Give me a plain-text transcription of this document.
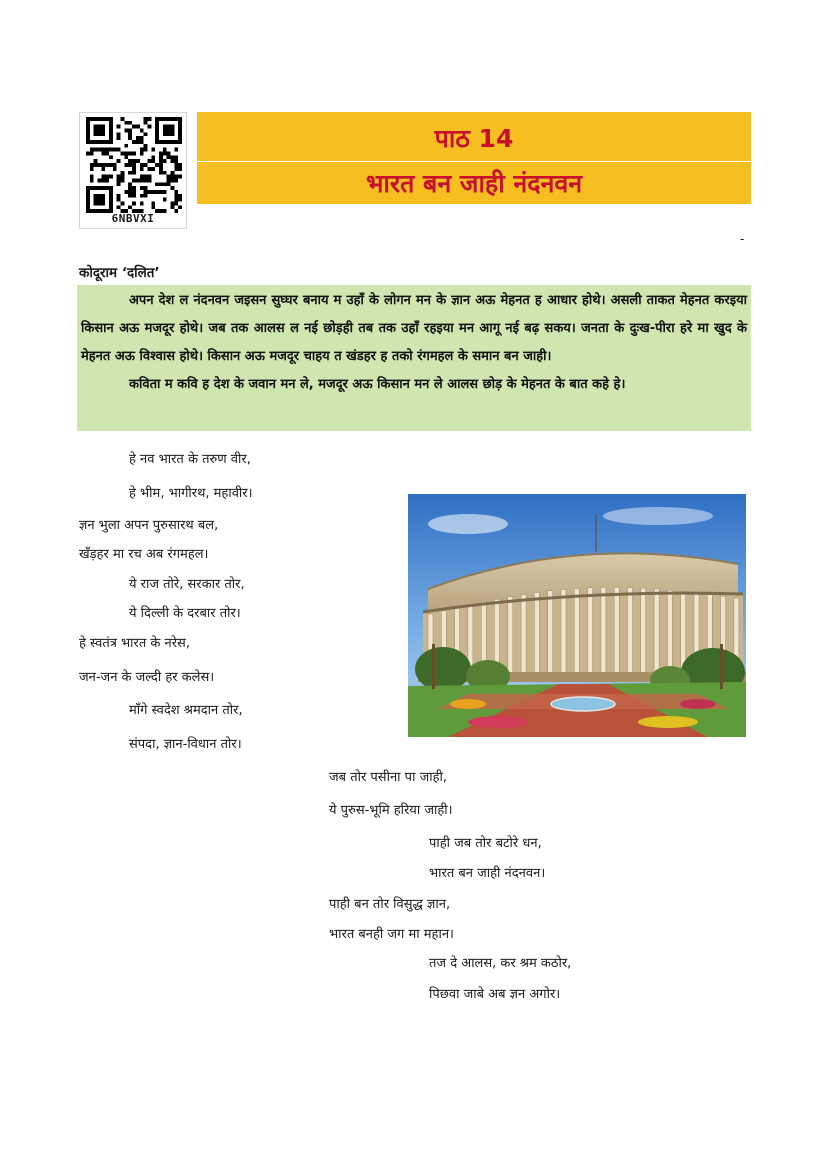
6NBVXI
पाठ 14
भारत बन जाही नंदनवन
-
कोदूराम ‘दलित’

अपन देश ल नंदनवन जइसन सुघ्घर बनाय म उहाँ के लोगन मन के ज्ञान अऊ मेहनत ह आधार होथे। असली ताकत मेहनत करइया किसान अऊ मजदूर होथे। जब तक आलस ल नई छोड़ही तब तक उहाँ रहइया मन आगू नई बढ़ सकय। जनता के दुःख-पीरा हरे मा खुद के मेहनत अऊ विश्वास होथे। किसान अऊ मजदूर चाहय त खंडहर ह तको रंगमहल के समान बन जाही।

कविता म कवि ह देश के जवान मन ले, मजदूर अऊ किसान मन ले आलस छोड़ के मेहनत के बात कहे हे।

हे नव भारत के तरुण वीर,
हे भीम, भागीरथ, महावीर।
ज्ञन भुला अपन पुरुसारथ बल,
खँड़हर मा रच अब रंगमहल।
ये राज तोरे, सरकार तोर,
ये दिल्ली के दरबार तोर।
हे स्वतंत्र भारत के नरेस,
जन-जन के जल्दी हर कलेस।
माँगे स्वदेश श्रमदान तोर,
संपदा, ज्ञान-विधान तोर।
जब तोर पसीना पा जाही,
ये पुरुस-भूमि हरिया जाही।
पाही जब तोर बटोरे धन,
भारत बन जाही नंदनवन।
पाही बन तोर विसुद्ध ज्ञान,
भारत बनही जग मा महान।
तज दे आलस, कर श्रम कठोर,
पिछवा जाबे अब ज्ञन अगोर।
